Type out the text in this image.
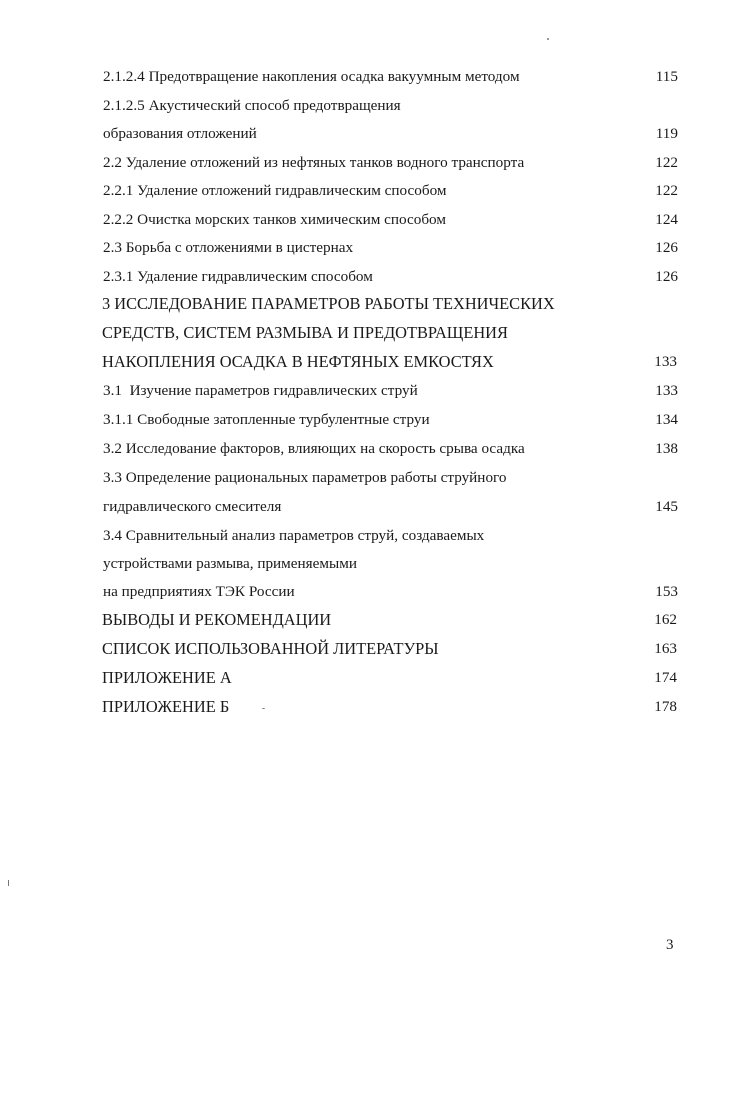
2.1.2.4 Предотвращение накопления осадка вакуумным методом	115
2.1.2.5 Акустический способ предотвращения
образования отложений	119
2.2 Удаление отложений из нефтяных танков водного транспорта	122
2.2.1 Удаление отложений гидравлическим способом	122
2.2.2 Очистка морских танков химическим способом	124
2.3 Борьба с отложениями в цистернах	126
2.3.1 Удаление гидравлическим способом	126
3 ИССЛЕДОВАНИЕ ПАРАМЕТРОВ РАБОТЫ ТЕХНИЧЕСКИХ
СРЕДСТВ, СИСТЕМ РАЗМЫВА И ПРЕДОТВРАЩЕНИЯ
НАКОПЛЕНИЯ ОСАДКА В НЕФТЯНЫХ ЕМКОСТЯХ	133
3.1  Изучение параметров гидравлических струй	133
3.1.1 Свободные затопленные турбулентные струи	134
3.2 Исследование факторов, влияющих на скорость срыва осадка	138
3.3 Определение рациональных параметров работы струйного
гидравлического смесителя	145
3.4 Сравнительный анализ параметров струй, создаваемых
устройствами размыва, применяемыми
на предприятиях ТЭК России	153
ВЫВОДЫ И РЕКОМЕНДАЦИИ	162
СПИСОК ИСПОЛЬЗОВАННОЙ ЛИТЕРАТУРЫ	163
ПРИЛОЖЕНИЕ А	174
ПРИЛОЖЕНИЕ Б	178
3
